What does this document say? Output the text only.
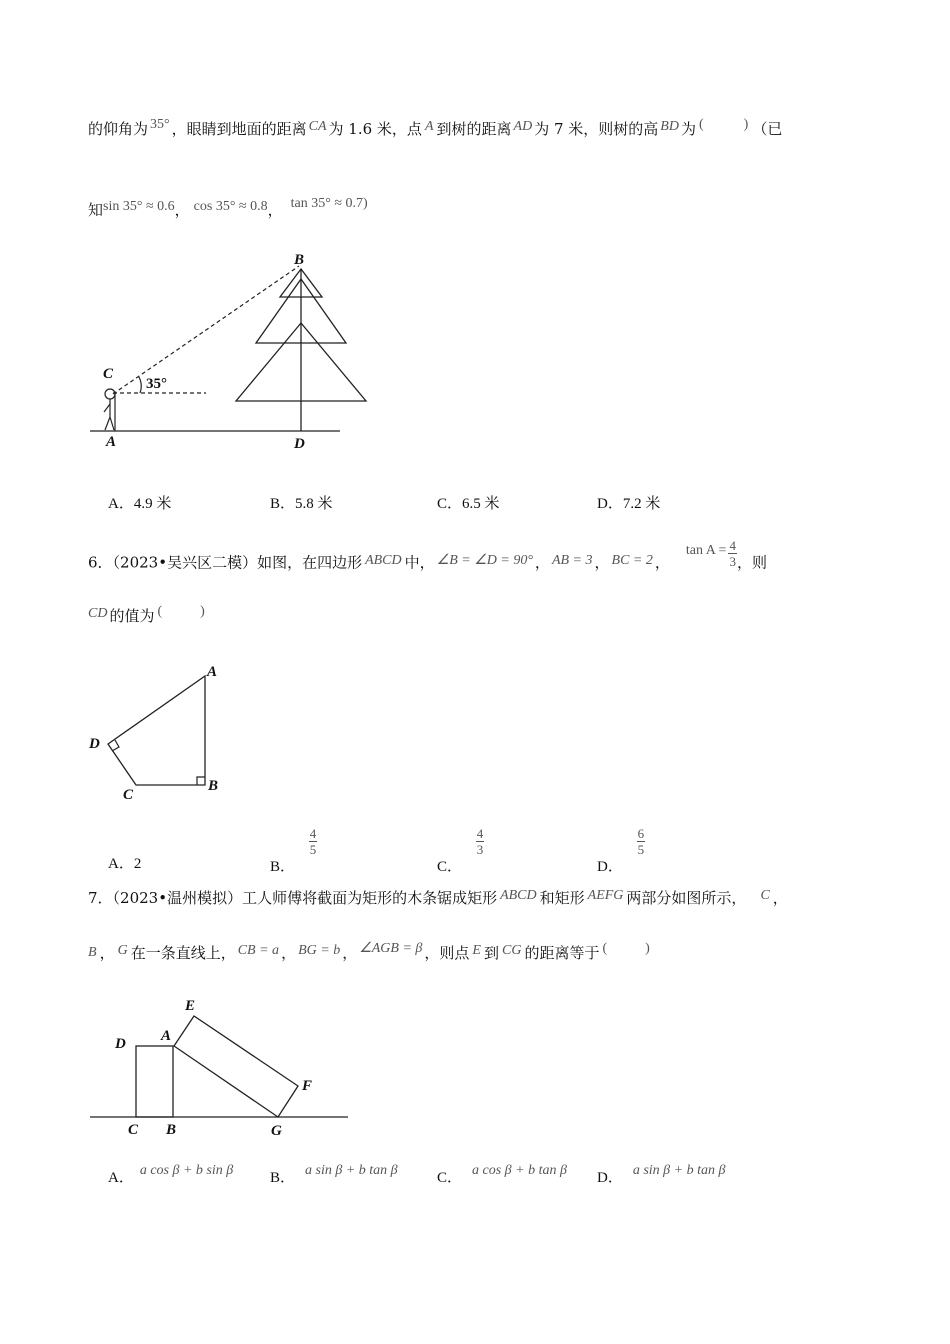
的仰角为 35° ，眼睛到地面的距离 CA 为 1.6 米，点 A 到树的距离 AD 为 7 米，则树的高 BD 为 (	) （已
知sin 35° ≈ 0.6， cos 35° ≈ 0.8， tan 35° ≈ 0.7)
B
C
A	D
35°
A．4.9 米	B．5.8 米	C．6.5 米	D．7.2 米
6．（2023•吴兴区二模）如图，在四边形 ABCD 中， ∠B = ∠D = 90° ， AB = 3 ， BC = 2 ，$\tan A = \frac{4}{3}$ ，则
CD 的值为 (	)
A
D
C
B
A．2	B．
$\frac{4}{5}$
C．
$\frac{4}{3}$
D．
$\frac{6}{5}$
7．（2023•温州模拟）工人师傅将截面为矩形的木条锯成矩形 ABCD 和矩形 AEFG 两部分如图所示， C ，
B ， G 在一条直线上， CB = a ， BG = b ， ∠AGB = β ，则点 E 到 CG 的距离等于 (	)
E
D A
F
C B	G
A． a cos β + b sin β B． a sin β + b tan β	C． a cos β + b tan β D． a sin β + b tan β
